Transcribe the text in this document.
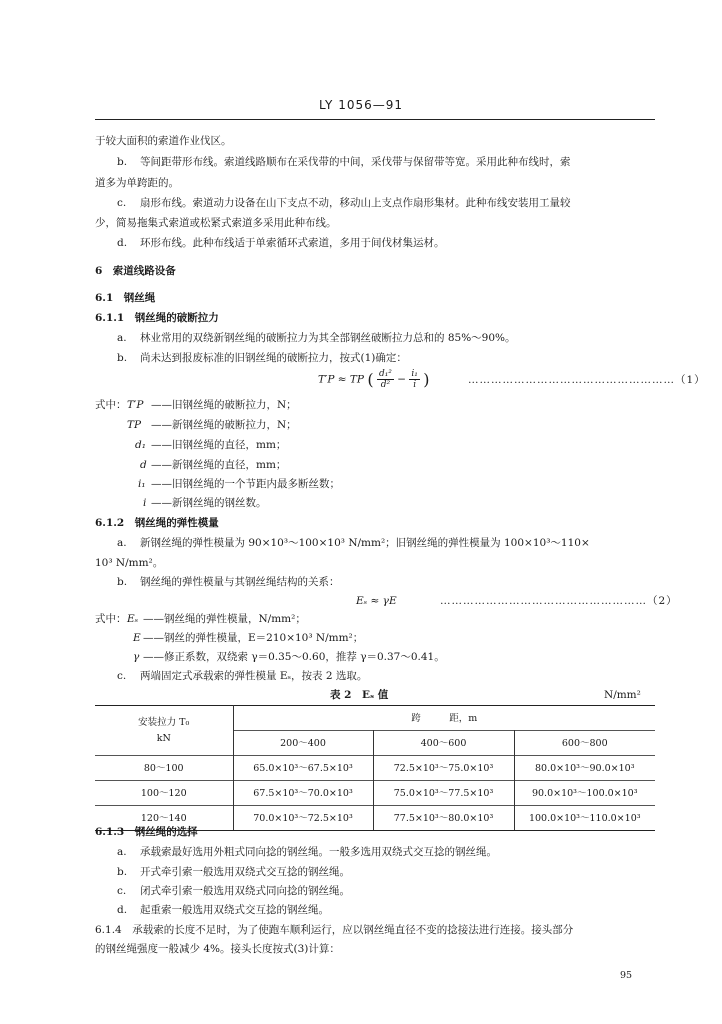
LY 1056—91
于较大面积的索道作业伐区。
b. 等间距带形布线。索道线路顺布在采伐带的中间，采伐带与保留带等宽。采用此种布线时，索
道多为单跨距的。
c. 扇形布线。索道动力设备在山下支点不动，移动山上支点作扇形集材。此种布线安装用工量较
少，简易拖集式索道或松紧式索道多采用此种布线。
d. 环形布线。此种布线适于单索循环式索道，多用于间伐材集运材。
6　索道线路设备
6.1　钢丝绳
6.1.1　钢丝绳的破断拉力
a. 林业常用的双绕新钢丝绳的破断拉力为其全部钢丝破断拉力总和的 85%～90%。
b. 尚未达到报废标准的旧钢丝绳的破断拉力，按式(1)确定：
T′P ≈ TP ( $\frac{\text{d₁²}}{\text{d²}} - \frac{\text{i₁}}{i}$ )	………………………………………………（1）
式中： T′P ——旧钢丝绳的破断拉力，N；
TP ——新钢丝绳的破断拉力，N；
d₁ ——旧钢丝绳的直径，mm；
d ——新钢丝绳的直径，mm；
i₁ ——旧钢丝绳的一个节距内最多断丝数；
i ——新钢丝绳的钢丝数。
6.1.2　钢丝绳的弹性模量
a. 新钢丝绳的弹性模量为 90×10³～100×10³ N/mm²；旧钢丝绳的弹性模量为 100×10³～110×
10³ N/mm²。
b. 钢丝绳的弹性模量与其钢丝绳结构的关系：
Eₛ ≈ γE	………………………………………………（2）
式中： Eₛ ——钢丝绳的弹性模量，N/mm²；
E ——钢丝的弹性模量，E＝210×10³ N/mm²；
γ ——修正系数，双绕索 γ＝0.35～0.60，推荐 γ＝0.37～0.41。
c. 两端固定式承载索的弹性模量 Eₛ，按表 2 选取。
表 2　Eₛ 值	N/mm²
安装拉力 T₀
kN	跨　　　距，m		
	200～400	400～600	600～800
80～100	65.0×10³～67.5×10³	72.5×10³～75.0×10³	80.0×10³～90.0×10³
100～120	67.5×10³～70.0×10³	75.0×10³～77.5×10³	90.0×10³～100.0×10³
120～140	70.0×10³～72.5×10³	77.5×10³～80.0×10³	100.0×10³～110.0×10³
6.1.3　钢丝绳的选择
a. 承载索最好选用外粗式同向捻的钢丝绳。一般多选用双绕式交互捻的钢丝绳。
b. 开式牵引索一般选用双绕式交互捻的钢丝绳。
c. 闭式牵引索一般选用双绕式同向捻的钢丝绳。
d. 起重索一般选用双绕式交互捻的钢丝绳。
6.1.4　承载索的长度不足时，为了使跑车顺利运行，应以钢丝绳直径不变的捻接法进行连接。接头部分
的钢丝绳强度一般减少 4%。接头长度按式(3)计算：
95
